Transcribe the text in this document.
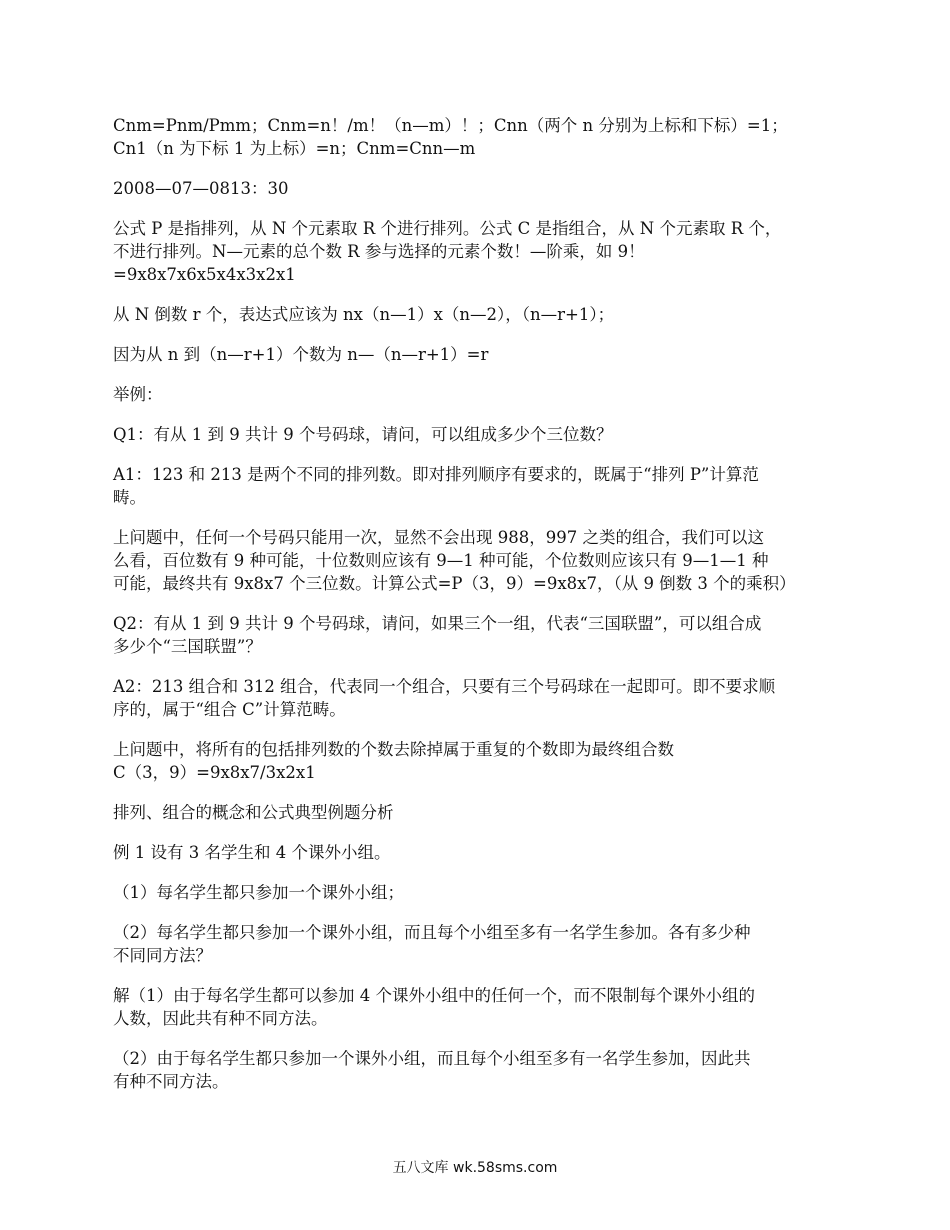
Cnm=Pnm/Pmm；Cnm=n！/m！（n—m）！；Cnn（两个 n 分别为上标和下标）=1；
Cn1（n 为下标 1 为上标）=n；Cnm=Cnn—m

2008—07—0813：30

公式 P 是指排列，从 N 个元素取 R 个进行排列。公式 C 是指组合，从 N 个元素取 R 个，
不进行排列。N—元素的总个数 R 参与选择的元素个数！—阶乘，如 9！
=9x8x7x6x5x4x3x2x1

从 N 倒数 r 个，表达式应该为 nx（n—1）x（n—2），（n—r+1）；

因为从 n 到（n—r+1）个数为 n—（n—r+1）=r

举例：

Q1：有从 1 到 9 共计 9 个号码球，请问，可以组成多少个三位数？

A1：123 和 213 是两个不同的排列数。即对排列顺序有要求的，既属于“排列 P”计算范
畴。

上问题中，任何一个号码只能用一次，显然不会出现 988，997 之类的组合，我们可以这
么看，百位数有 9 种可能，十位数则应该有 9—1 种可能，个位数则应该只有 9—1—1 种
可能，最终共有 9x8x7 个三位数。计算公式=P（3，9）=9x8x7，（从 9 倒数 3 个的乘积）

Q2：有从 1 到 9 共计 9 个号码球，请问，如果三个一组，代表“三国联盟”，可以组合成
多少个“三国联盟”？

A2：213 组合和 312 组合，代表同一个组合，只要有三个号码球在一起即可。即不要求顺
序的，属于“组合 C”计算范畴。

上问题中，将所有的包括排列数的个数去除掉属于重复的个数即为最终组合数
C（3，9）=9x8x7/3x2x1

排列、组合的概念和公式典型例题分析

例 1 设有 3 名学生和 4 个课外小组。

（1）每名学生都只参加一个课外小组；

（2）每名学生都只参加一个课外小组，而且每个小组至多有一名学生参加。各有多少种
不同同方法？

解（1）由于每名学生都可以参加 4 个课外小组中的任何一个，而不限制每个课外小组的
人数，因此共有种不同方法。

（2）由于每名学生都只参加一个课外小组，而且每个小组至多有一名学生参加，因此共
有种不同方法。

五八文库 wk.58sms.com
